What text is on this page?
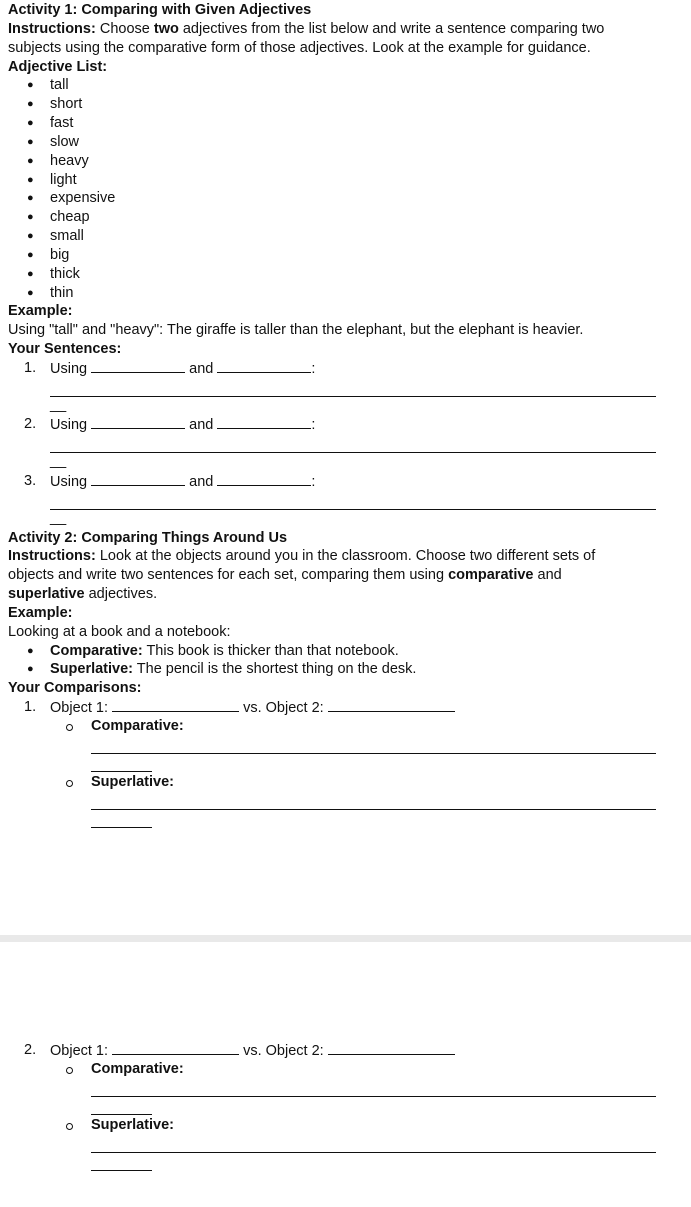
Activity 1: Comparing with Given Adjectives
Instructions: Choose two adjectives from the list below and write a sentence comparing two
subjects using the comparative form of those adjectives. Look at the example for guidance.
Adjective List:
● tall
● short
● fast
● slow
● heavy
● light
● expensive
● cheap
● small
● big
● thick
● thin
Example:
Using "tall" and "heavy": The giraffe is taller than the elephant, but the elephant is heavier.
Your Sentences:
1. Using	and	:
__
2. Using	and	:
__
3. Using	and	:
__
Activity 2: Comparing Things Around Us
Instructions: Look at the objects around you in the classroom. Choose two different sets of
objects and write two sentences for each set, comparing them using comparative and
superlative adjectives.
Example:
Looking at a book and a notebook:
● Comparative: This book is thicker than that notebook.
● Superlative: The pencil is the shortest thing on the desk.
Your Comparisons:
1. Object 1:	vs. Object 2:
Comparative:
Superlative:
2. Object 1:	vs. Object 2:
Comparative:
Superlative:
